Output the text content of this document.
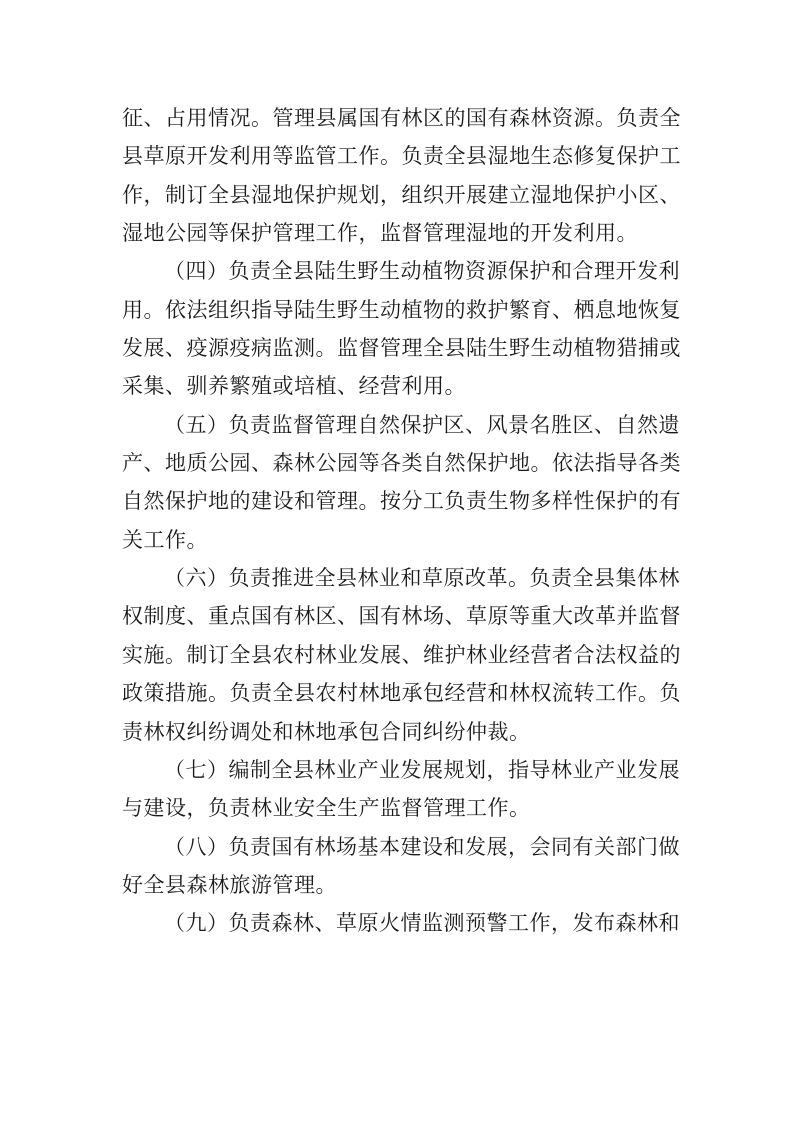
征、占用情况。管理县属国有林区的国有森林资源。负责全
县草原开发利用等监管工作。负责全县湿地生态修复保护工
作，制订全县湿地保护规划，组织开展建立湿地保护小区、
湿地公园等保护管理工作，监督管理湿地的开发利用。
（四）负责全县陆生野生动植物资源保护和合理开发利
用。依法组织指导陆生野生动植物的救护繁育、栖息地恢复
发展、疫源疫病监测。监督管理全县陆生野生动植物猎捕或
采集、驯养繁殖或培植、经营利用。
（五）负责监督管理自然保护区、风景名胜区、自然遗
产、地质公园、森林公园等各类自然保护地。依法指导各类
自然保护地的建设和管理。按分工负责生物多样性保护的有
关工作。
（六）负责推进全县林业和草原改革。负责全县集体林
权制度、重点国有林区、国有林场、草原等重大改革并监督
实施。制订全县农村林业发展、维护林业经营者合法权益的
政策措施。负责全县农村林地承包经营和林权流转工作。负
责林权纠纷调处和林地承包合同纠纷仲裁。
（七）编制全县林业产业发展规划，指导林业产业发展
与建设，负责林业安全生产监督管理工作。
（八）负责国有林场基本建设和发展，会同有关部门做
好全县森林旅游管理。
（九）负责森林、草原火情监测预警工作，发布森林和
